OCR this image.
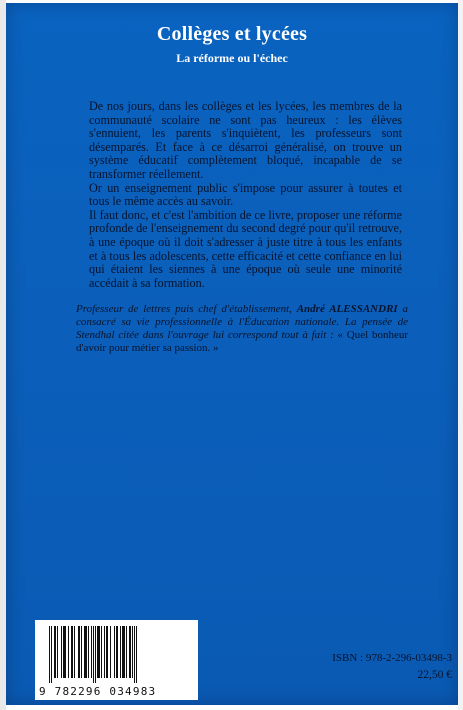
Collèges et lycées
La réforme ou l'échec

De nos jours, dans les collèges et les lycées, les membres de la communauté scolaire ne sont pas heureux : les élèves s'ennuient, les parents s'inquiètent, les professeurs sont désemparés. Et face à ce désarroi généralisé, on trouve un système éducatif complètement bloqué, incapable de se transformer réellement.

Or un enseignement public s'impose pour assurer à toutes et tous le même accès au savoir.

Il faut donc, et c'est l'ambition de ce livre, proposer une réforme profonde de l'enseignement du second degré pour qu'il retrouve, à une époque où il doit s'adresser à juste titre à tous les enfants et à tous les adolescents, cette efficacité et cette confiance en lui qui étaient les siennes à une époque où seule une minorité accédait à sa formation.

Professeur de lettres puis chef d'établissement, André ALESSANDRI a consacré sa vie professionnelle à l'Éducation nationale. La pensée de Stendhal citée dans l'ouvrage lui correspond tout à fait : « Quel bonheur d'avoir pour métier sa passion. »
9 782296 034983
ISBN : 978-2-296-03498-3
22,50 €
